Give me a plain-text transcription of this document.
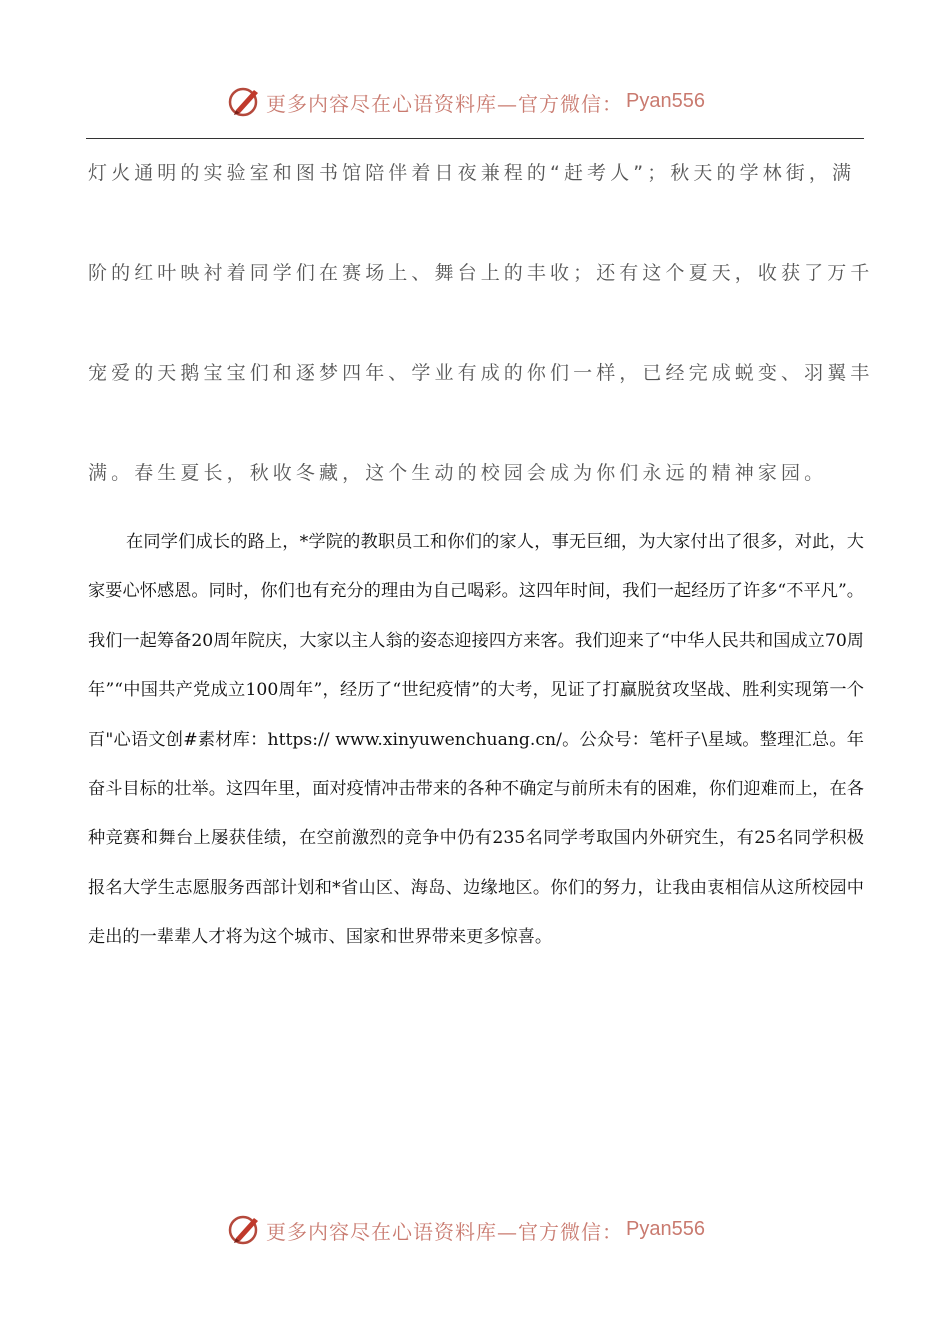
更多内容尽在心语资料库—官方微信： Pyan556
灯火通明的实验室和图书馆陪伴着日夜兼程的“赶考人”；秋天的学林街，满
阶的红叶映衬着同学们在赛场上、舞台上的丰收；还有这个夏天，收获了万千
宠爱的天鹅宝宝们和逐梦四年、学业有成的你们一样，已经完成蜕变、羽翼丰
满。春生夏长，秋收冬藏，这个生动的校园会成为你们永远的精神家园。

在同学们成长的路上，*学院的教职员工和你们的家人，事无巨细，为大家付出了很多，对此，大家要心怀感恩。同时，你们也有充分的理由为自己喝彩。这四年时间，我们一起经历了许多“不平凡”。我们一起筹备20周年院庆，大家以主人翁的姿态迎接四方来客。我们迎来了“中华人民共和国成立70周年”“中国共产党成立100周年”，经历了“世纪疫情”的大考，见证了打赢脱贫攻坚战、胜利实现第一个百"心语文创#素材库：https:// www.xinyuwenchuang.cn/。公众号：笔杆子\星域。整理汇总。年奋斗目标的壮举。这四年里，面对疫情冲击带来的各种不确定与前所未有的困难，你们迎难而上，在各种竞赛和舞台上屡获佳绩，在空前激烈的竞争中仍有235名同学考取国内外研究生，有25名同学积极报名大学生志愿服务西部计划和*省山区、海岛、边缘地区。你们的努力，让我由衷相信从这所校园中走出的一辈辈人才将为这个城市、国家和世界带来更多惊喜。

更多内容尽在心语资料库—官方微信： Pyan556
